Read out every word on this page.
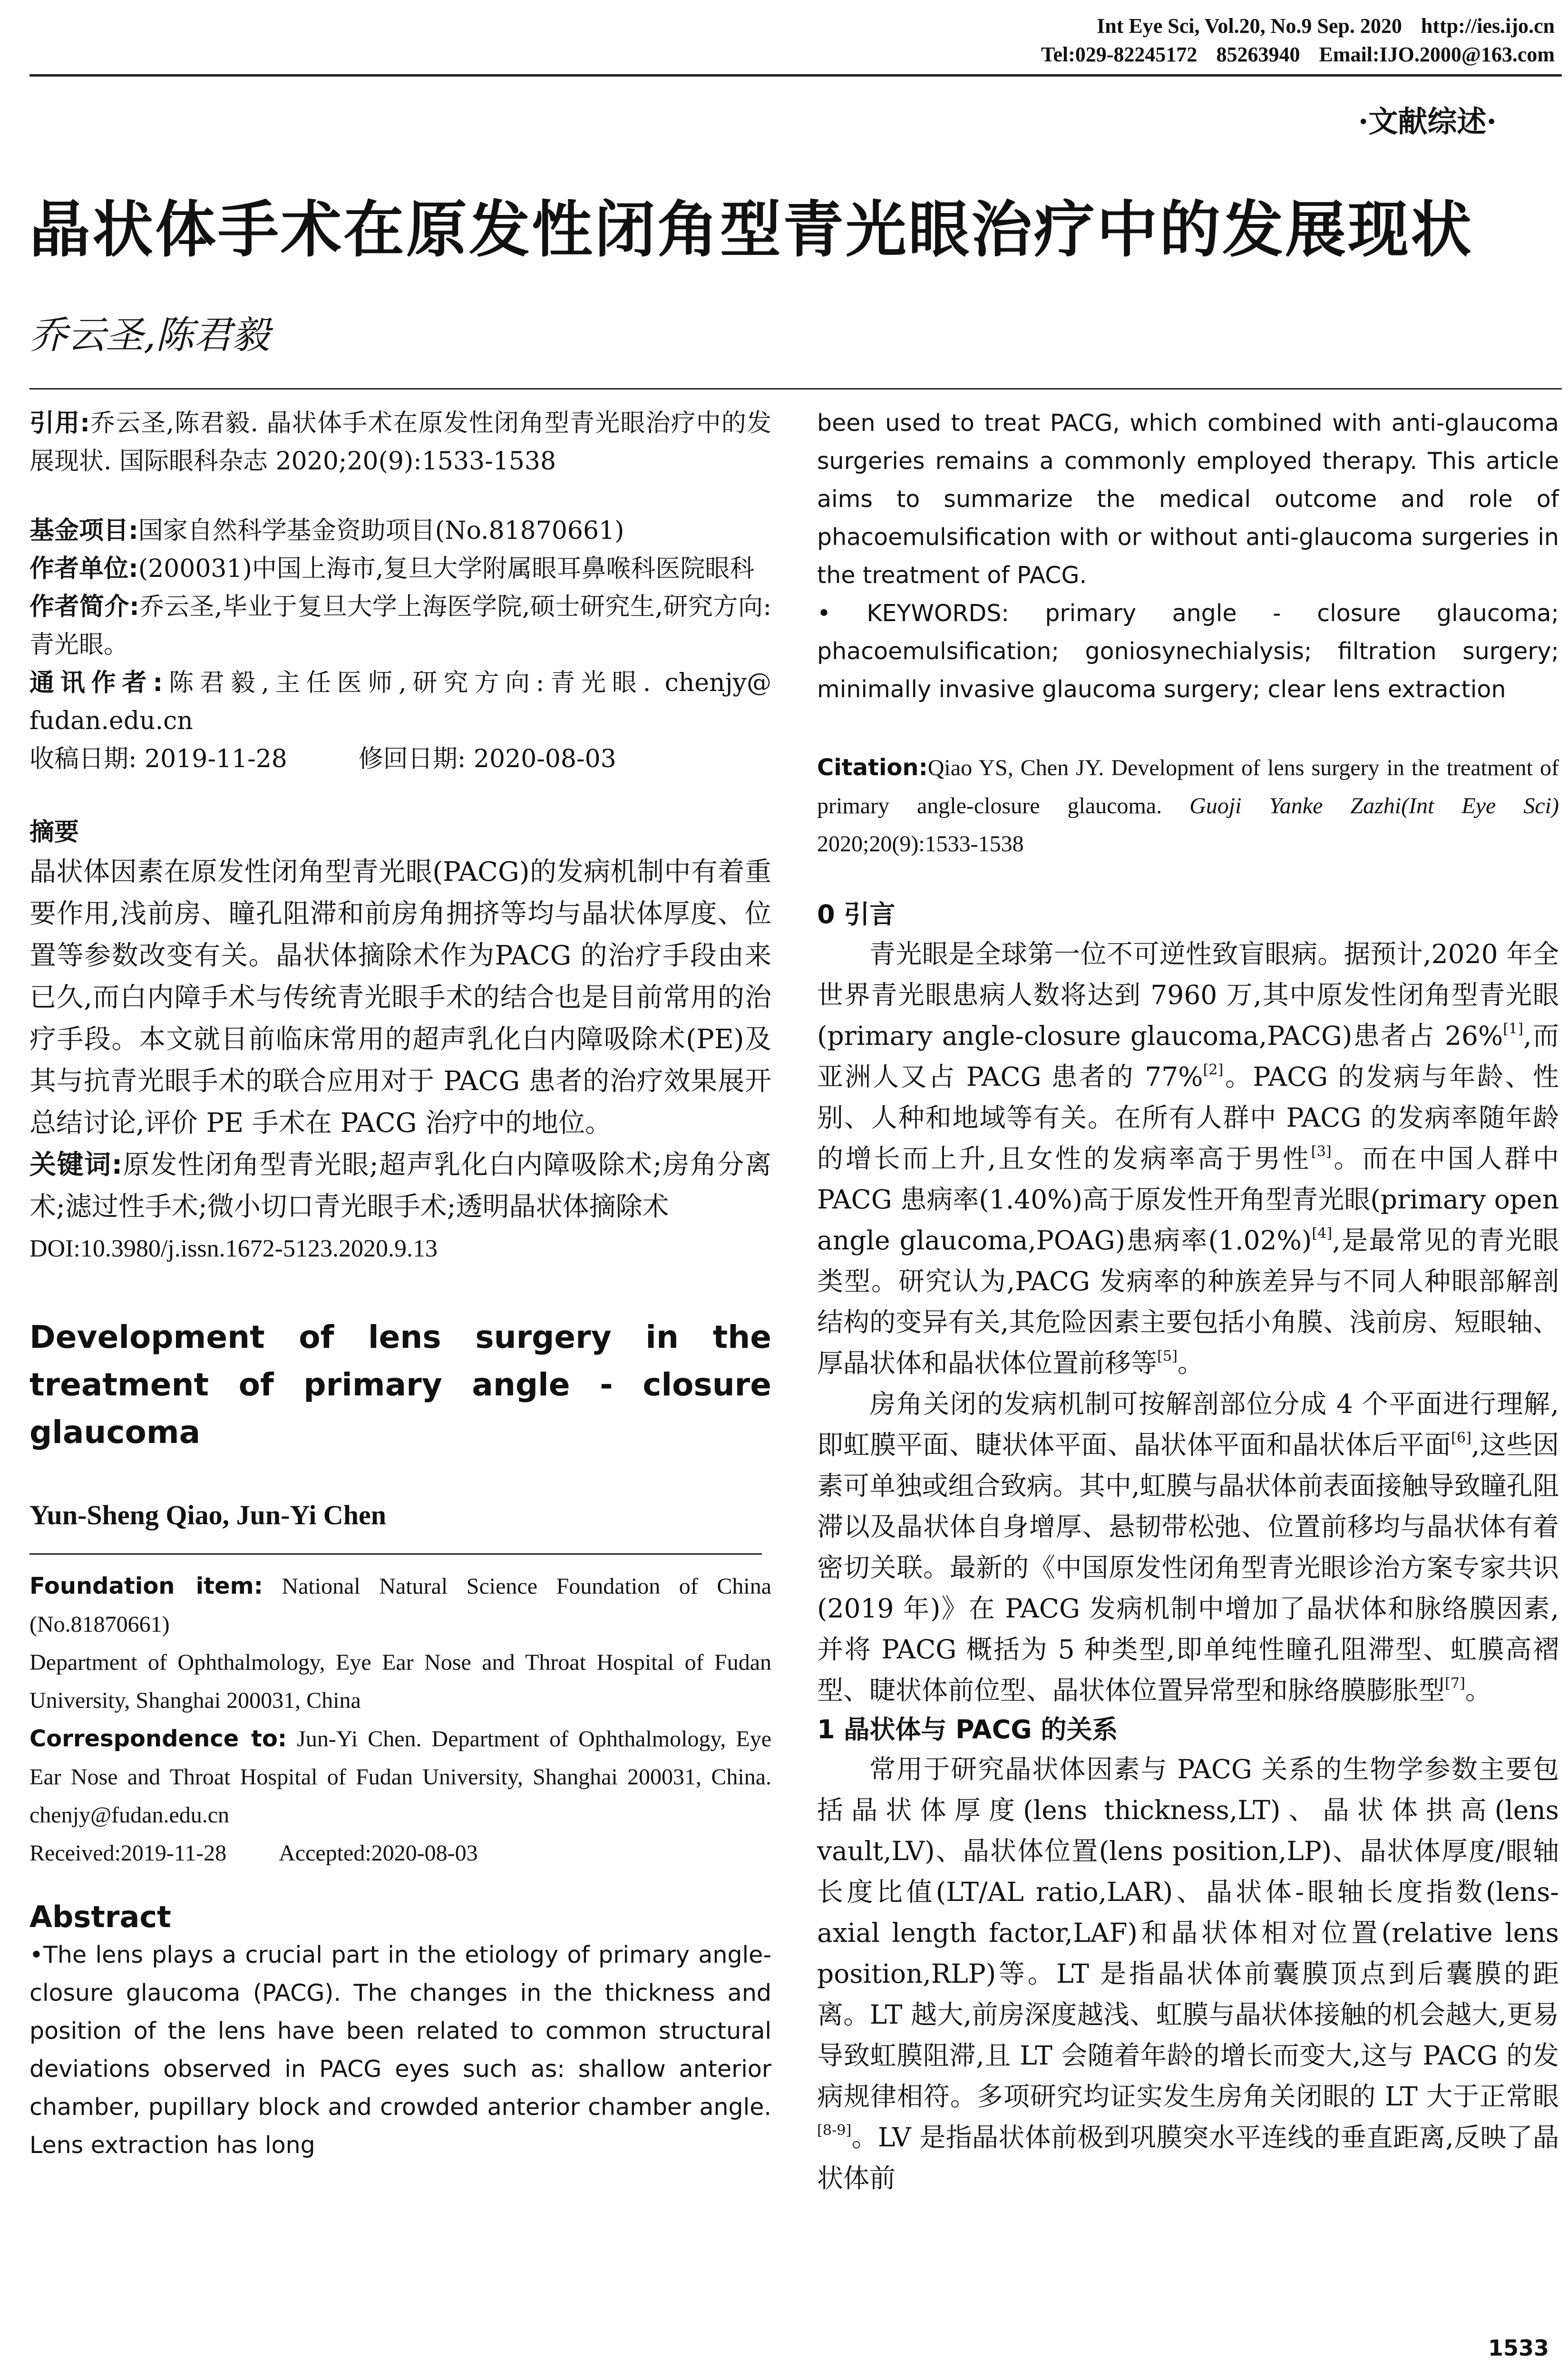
Int Eye Sci, Vol.20, No.9 Sep. 2020 http://ies.ijo.cn
Tel:029-82245172 85263940 Email:IJO.2000@163.com
·文献综述·
晶状体手术在原发性闭角型青光眼治疗中的发展现状
乔云圣,陈君毅

引用:乔云圣,陈君毅. 晶状体手术在原发性闭角型青光眼治疗中的发展现状. 国际眼科杂志 2020;20(9):1533-1538

基金项目:国家自然科学基金资助项目(No.81870661)

作者单位:(200031)中国上海市,复旦大学附属眼耳鼻喉科医院眼科

作者简介:乔云圣,毕业于复旦大学上海医学院,硕士研究生,研究方向:青光眼。

通讯作者:陈君毅,主任医师,研究方向:青光眼. chenjy@ fudan.edu.cn

收稿日期: 2019-11-28	修回日期: 2020-08-03

摘要

晶状体因素在原发性闭角型青光眼(PACG)的发病机制中有着重要作用,浅前房、瞳孔阻滞和前房角拥挤等均与晶状体厚度、位置等参数改变有关。晶状体摘除术作为PACG 的治疗手段由来已久,而白内障手术与传统青光眼手术的结合也是目前常用的治疗手段。本文就目前临床常用的超声乳化白内障吸除术(PE)及其与抗青光眼手术的联合应用对于 PACG 患者的治疗效果展开总结讨论,评价 PE 手术在 PACG 治疗中的地位。

关键词:原发性闭角型青光眼;超声乳化白内障吸除术;房角分离术;滤过性手术;微小切口青光眼手术;透明晶状体摘除术

DOI:10.3980/j.issn.1672-5123.2020.9.13

Development of lens surgery in the treatment of primary angle - closure glaucoma

Yun-Sheng Qiao, Jun-Yi Chen

Foundation item: National Natural Science Foundation of China (No.81870661)

Department of Ophthalmology, Eye Ear Nose and Throat Hospital of Fudan University, Shanghai 200031, China

Correspondence to: Jun-Yi Chen. Department of Ophthalmology, Eye Ear Nose and Throat Hospital of Fudan University, Shanghai 200031, China. chenjy@fudan.edu.cn

Received:2019-11-28 Accepted:2020-08-03

Abstract

•The lens plays a crucial part in the etiology of primary angle-closure glaucoma (PACG). The changes in the thickness and position of the lens have been related to common structural deviations observed in PACG eyes such as: shallow anterior chamber, pupillary block and crowded anterior chamber angle. Lens extraction has long

been used to treat PACG, which combined with anti-glaucoma surgeries remains a commonly employed therapy. This article aims to summarize the medical outcome and role of phacoemulsification with or without anti-glaucoma surgeries in the treatment of PACG.

• KEYWORDS: primary angle - closure glaucoma; phacoemulsification; goniosynechialysis; filtration surgery; minimally invasive glaucoma surgery; clear lens extraction

Citation:Qiao YS, Chen JY. Development of lens surgery in the treatment of primary angle-closure glaucoma. Guoji Yanke Zazhi(Int Eye Sci) 2020;20(9):1533-1538

0 引言

青光眼是全球第一位不可逆性致盲眼病。据预计,2020 年全世界青光眼患病人数将达到 7960 万,其中原发性闭角型青光眼(primary angle-closure glaucoma,PACG)患者占 26%[1],而亚洲人又占 PACG 患者的 77%[2]。PACG 的发病与年龄、性别、人种和地域等有关。在所有人群中 PACG 的发病率随年龄的增长而上升,且女性的发病率高于男性[3]。而在中国人群中 PACG 患病率(1.40%)高于原发性开角型青光眼(primary open angle glaucoma,POAG)患病率(1.02%)[4],是最常见的青光眼类型。研究认为,PACG 发病率的种族差异与不同人种眼部解剖结构的变异有关,其危险因素主要包括小角膜、浅前房、短眼轴、厚晶状体和晶状体位置前移等[5]。

房角关闭的发病机制可按解剖部位分成 4 个平面进行理解,即虹膜平面、睫状体平面、晶状体平面和晶状体后平面[6],这些因素可单独或组合致病。其中,虹膜与晶状体前表面接触导致瞳孔阻滞以及晶状体自身增厚、悬韧带松弛、位置前移均与晶状体有着密切关联。最新的《中国原发性闭角型青光眼诊治方案专家共识(2019 年)》在 PACG 发病机制中增加了晶状体和脉络膜因素,并将 PACG 概括为 5 种类型,即单纯性瞳孔阻滞型、虹膜高褶型、睫状体前位型、晶状体位置异常型和脉络膜膨胀型[7]。

1 晶状体与 PACG 的关系

常用于研究晶状体因素与 PACG 关系的生物学参数主要包括晶状体厚度(lens thickness,LT)、晶状体拱高(lens vault,LV)、晶状体位置(lens position,LP)、晶状体厚度/眼轴长度比值(LT/AL ratio,LAR)、晶状体-眼轴长度指数(lens-axial length factor,LAF)和晶状体相对位置(relative lens position,RLP)等。LT 是指晶状体前囊膜顶点到后囊膜的距离。LT 越大,前房深度越浅、虹膜与晶状体接触的机会越大,更易导致虹膜阻滞,且 LT 会随着年龄的增长而变大,这与 PACG 的发病规律相符。多项研究均证实发生房角关闭眼的 LT 大于正常眼[8-9]。LV 是指晶状体前极到巩膜突水平连线的垂直距离,反映了晶状体前

1533
